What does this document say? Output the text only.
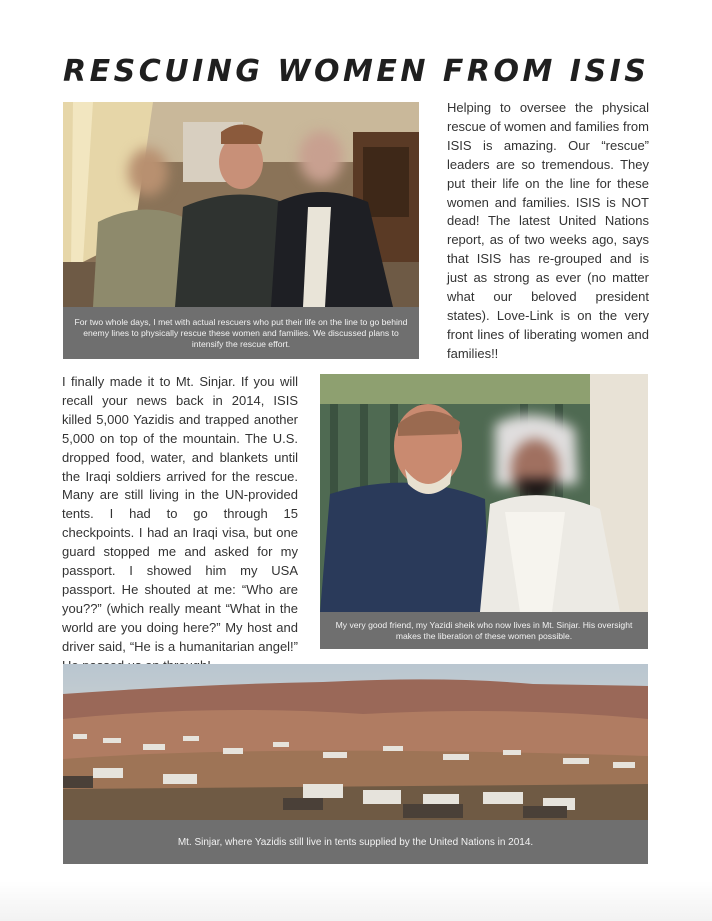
RESCUING WOMEN FROM ISIS
For two whole days, I met with actual rescuers who put their life on the line to go behind enemy lines to physically rescue these women and families. We discussed plans to intensify the rescue effort.

Helping to oversee the physical rescue of women and families from ISIS is amazing. Our “rescue” leaders are so tremendous. They put their life on the line for these women and families. ISIS is NOT dead! The latest United Nations report, as of two weeks ago, says that ISIS has re-grouped and is just as strong as ever (no matter what our beloved president states). Love-Link is on the very front lines of liberating women and families!!

I finally made it to Mt. Sinjar. If you will recall your news back in 2014, ISIS killed 5,000 Yazidis and trapped another 5,000 on top of the mountain. The U.S. dropped food, water, and blankets until the Iraqi soldiers arrived for the rescue. Many are still living in the UN-provided tents. I had to go through 15 checkpoints. I had an Iraqi visa, but one guard stopped me and asked for my passport. I showed him my USA passport. He shouted at me: “Who are you??” (which really meant “What in the world are you doing here?” My host and driver said, “He is a humanitarian angel!”

My very good friend, my Yazidi sheik who now lives in Mt. Sinjar. His oversight makes the liberation of these women possible.
Mt. Sinjar, where Yazidis still live in tents supplied by the United Nations in 2014.
